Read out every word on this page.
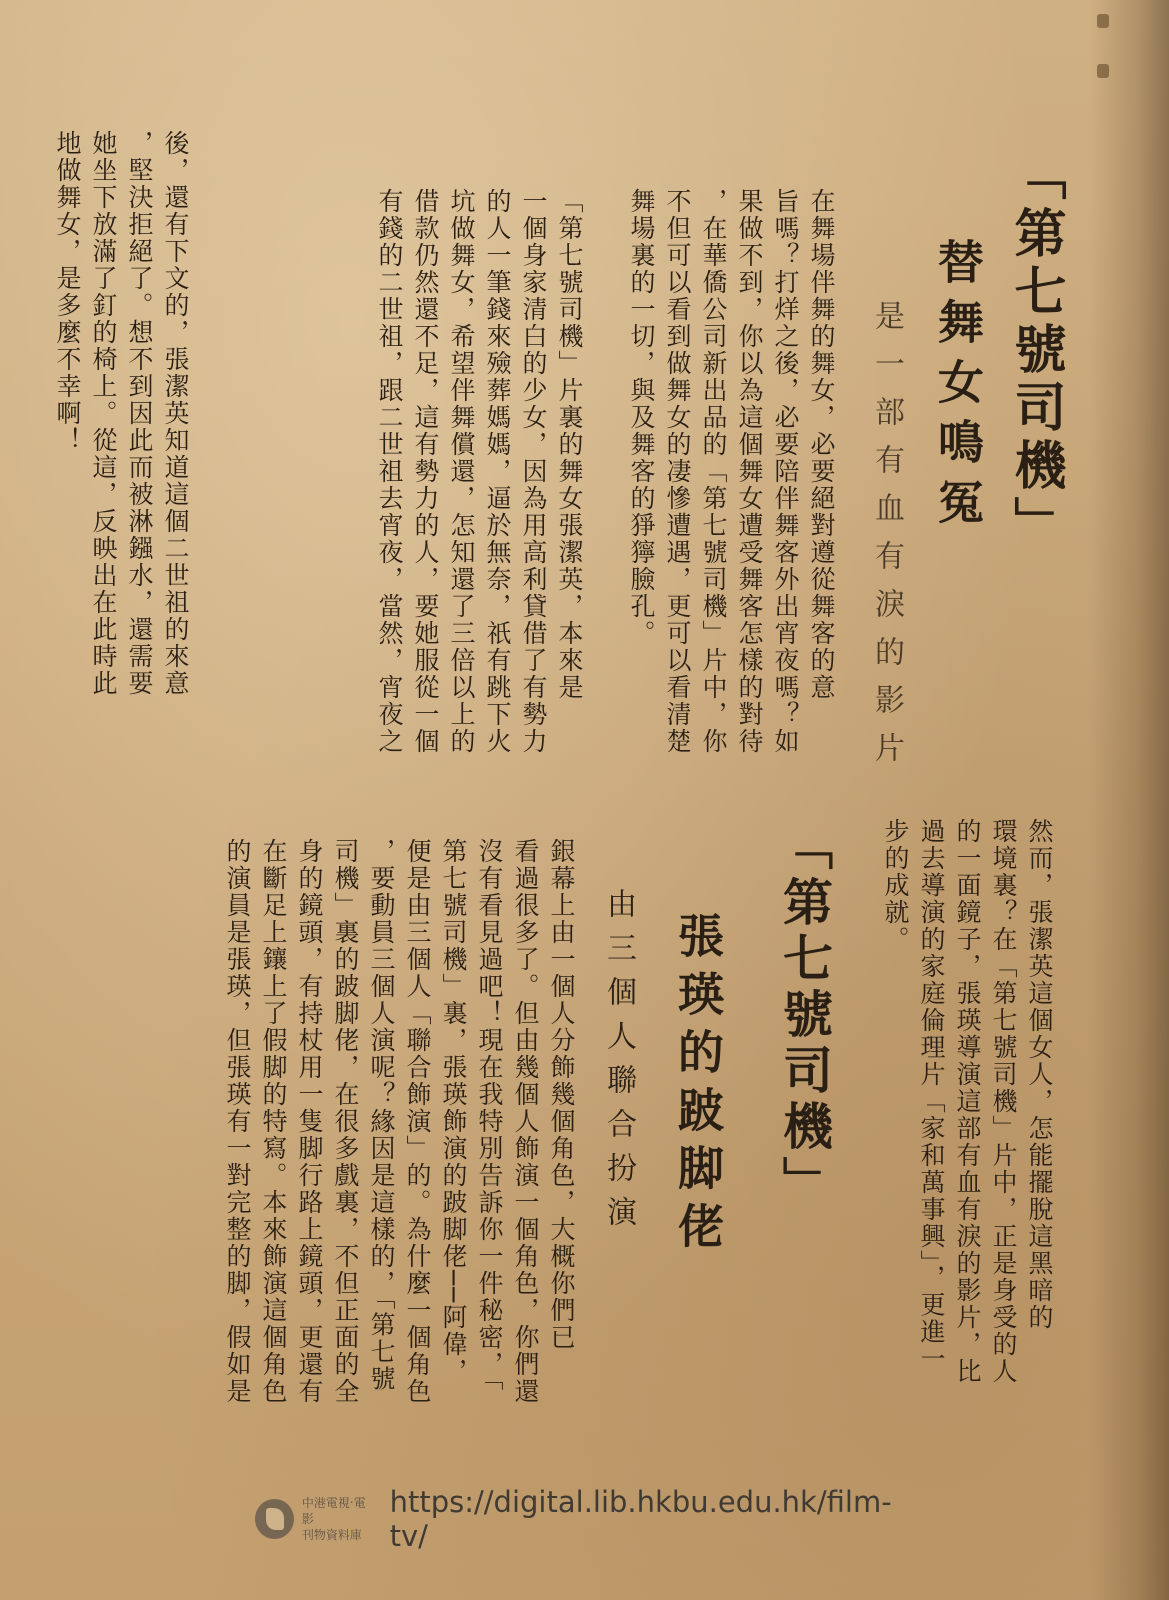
「第七號司機」
替舞女鳴冤
是一部有血有淚的影片
在舞場伴舞的舞女，必要絕對遵從舞客的意
旨嗎？打烊之後，必要陪伴舞客外出宵夜嗎？如
果做不到，你以為這個舞女遭受舞客怎樣的對待
，在華僑公司新出品的「第七號司機」片中，你
不但可以看到做舞女的凄慘遭遇，更可以看清楚
舞場裏的一切，與及舞客的猙獰臉孔。

「第七號司機」片裏的舞女張潔英，本來是
一個身家清白的少女，因為用高利貸借了有勢力
的人一筆錢來殮葬媽媽，逼於無奈，祇有跳下火
坑做舞女，希望伴舞償還，怎知還了三倍以上的
借款仍然還不足，這有勢力的人，要她服從一個
有錢的二世祖，跟二世祖去宵夜，當然，宵夜之
後，還有下文的，張潔英知道這個二世祖的來意
，堅決拒絕了。想不到因此而被淋鏹水，還需要
她坐下放滿了釘的椅上。從這，反映出在此時此
地做舞女，是多麼不幸啊！
然而，張潔英這個女人，怎能擺脫這黑暗的
環境裏？在「第七號司機」片中，正是身受的人
的一面鏡子，張瑛導演這部有血有淚的影片，比
過去導演的家庭倫理片「家和萬事興」，更進一
步的成就。
「第七號司機」
張瑛的跛脚佬
由三個人聯合扮演
銀幕上由一個人分飾幾個角色，大概你們已
看過很多了。但由幾個人飾演一個角色，你們還
沒有看見過吧！現在我特別告訴你一件秘密，「
第七號司機」裏，張瑛飾演的跛脚佬──阿偉，
便是由三個人「聯合飾演」的。為什麼一個角色
，要動員三個人演呢？緣因是這樣的，「第七號
司機」裏的跛脚佬，在很多戲裏，不但正面的全
身的鏡頭，有持杖用一隻脚行路上鏡頭，更還有
在斷足上鑲上了假脚的特寫。本來飾演這個角色
的演員是張瑛，但張瑛有一對完整的脚，假如是
中港電視‧電影
刊物資料庫
https://digital.lib.hkbu.edu.hk/film-tv/
